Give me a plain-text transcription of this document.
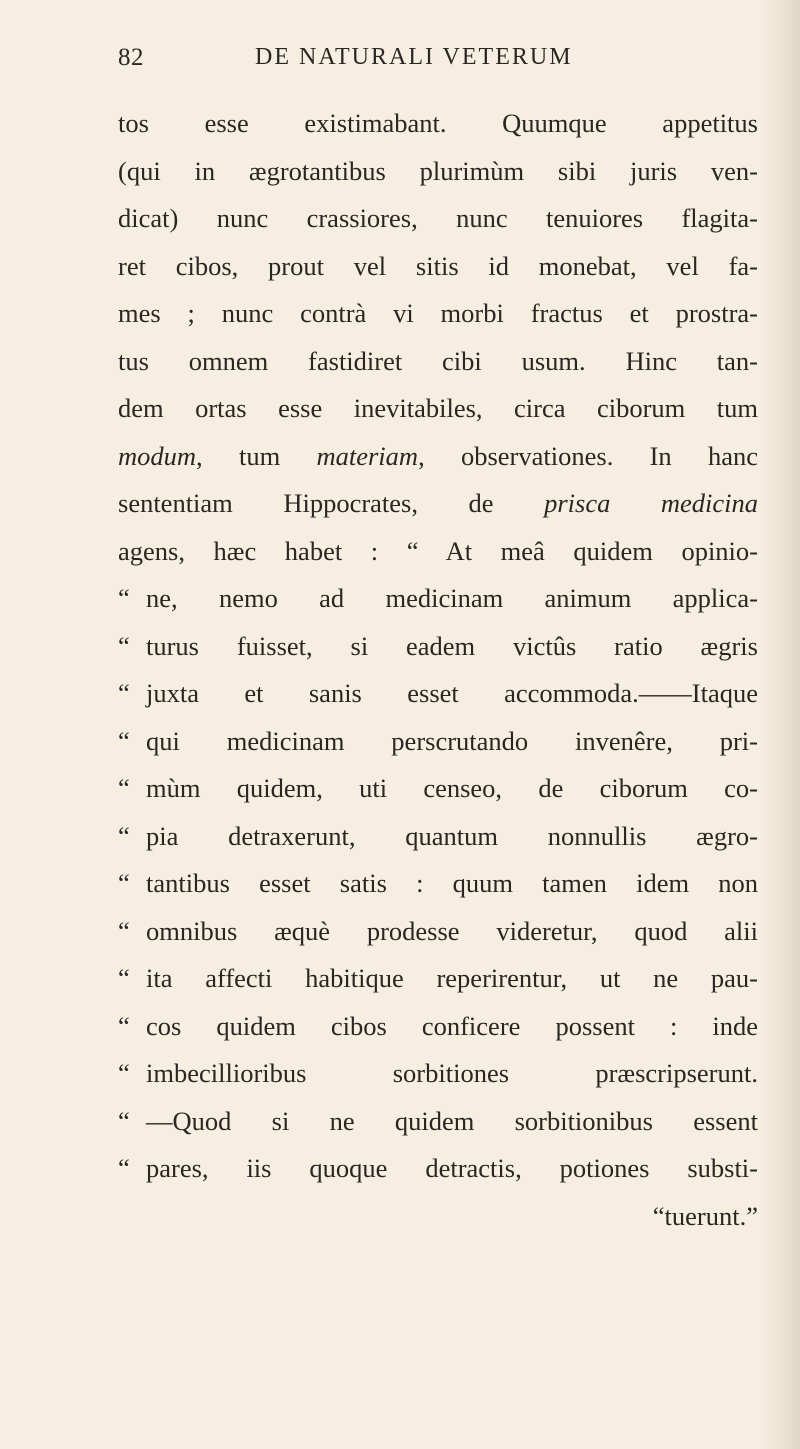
82	DE NATURALI VETERUM
tos esse existimabant. Quumque appetitus
(qui in ægrotantibus plurimùm sibi juris ven-
dicat) nunc crassiores, nunc tenuiores flagita-
ret cibos, prout vel sitis id monebat, vel fa-
mes ; nunc contrà vi morbi fractus et prostra-
tus omnem fastidiret cibi usum. Hinc tan-
dem ortas esse inevitabiles, circa ciborum tum
modum, tum materiam, observationes. In hanc
sententiam Hippocrates, de prisca medicina
agens, hæc habet : “ At meâ quidem opinio-
“ ne, nemo ad medicinam animum applica-
“ turus fuisset, si eadem victûs ratio ægris
“ juxta et sanis esset accommoda.——Itaque
“ qui medicinam perscrutando invenêre, pri-
“ mùm quidem, uti censeo, de ciborum co-
“ pia detraxerunt, quantum nonnullis ægro-
“ tantibus esset satis : quum tamen idem non
“ omnibus æquè prodesse videretur, quod alii
“ ita affecti habitique reperirentur, ut ne pau-
“ cos quidem cibos conficere possent : inde
“ imbecillioribus sorbitiones præscripserunt.
“ —Quod si ne quidem sorbitionibus essent
“ pares, iis quoque detractis, potiones substi-
“tuerunt.”
